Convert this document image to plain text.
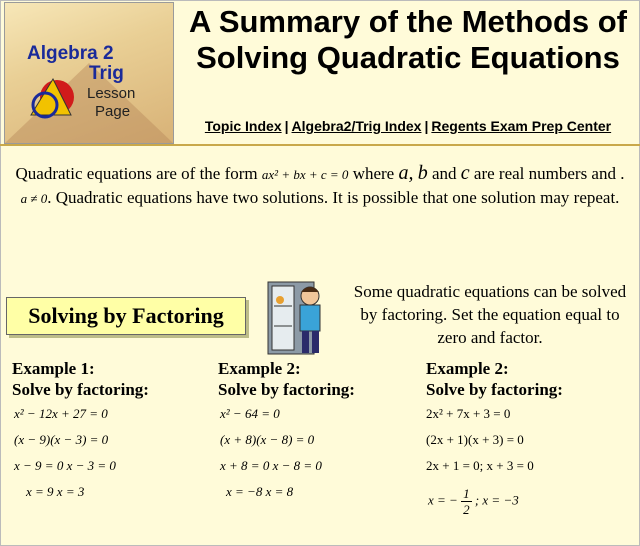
Algebra 2
Trig
Lesson
Page
A Summary of the Methods of Solving Quadratic Equations
Topic Index | Algebra2/Trig Index | Regents Exam Prep Center
Quadratic equations are of the form ax² + bx + c = 0 where a, b and c are real numbers and .
a ≠ 0. Quadratic equations have two solutions. It is possible that one solution may repeat.
Solving by Factoring
Some quadratic equations can be solved by factoring. Set the equation equal to zero and factor.
Example 1:
Solve by factoring:
x² − 12x + 27 = 0
(x − 9)(x − 3) = 0
x − 9 = 0 x − 3 = 0
x = 9 x = 3
Example 2:
Solve by factoring:
x² − 64 = 0
(x + 8)(x − 8) = 0
x + 8 = 0 x − 8 = 0
x = −8 x = 8
Example 2:
Solve by factoring:
2x² + 7x + 3 = 0
(2x + 1)(x + 3) = 0
2x + 1 = 0; x + 3 = 0
x = − $\frac{1}{2}$ ; x = −3
